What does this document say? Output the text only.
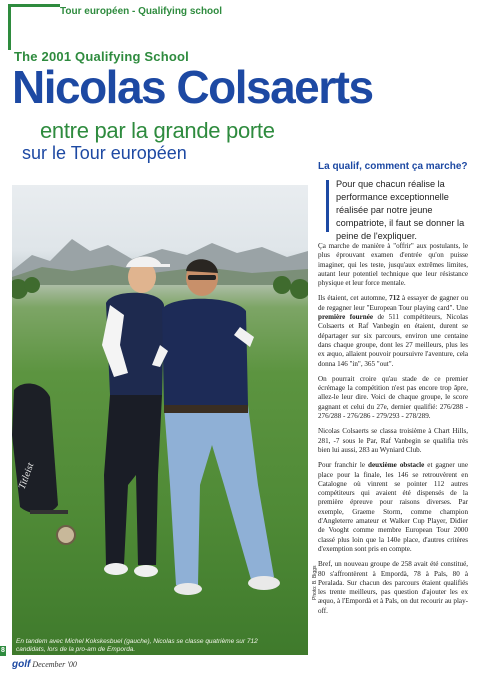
Tour européen - Qualifying school
The 2001 Qualifying School
Nicolas Colsaerts
entre par la grande porte
sur le Tour européen
Titleist
En tandem avec Michel Kokskesbuel (gauche), Nicolas se classe quatrième sur 712 candidats, lors de la pro-am de Emporda.
Photo: B. Biggs
La qualif, comment ça marche?
Pour que chacun réalise la performance exceptionnelle réalisée par notre jeune compatriote, il faut se donner la peine de l'expliquer.

Ça marche de manière à "offrir" aux postulants, le plus éprouvant examen d'entrée qu'on puisse imaginer, qui les teste, jusqu'aux extrêmes limites, autant leur potentiel technique que leur résistance physique et leur force mentale.

Ils étaient, cet automne, 712 à essayer de gagner ou de regagner leur "European Tour playing card". Une première fournée de 511 compétiteurs, Nicolas Colsaerts et Raf Vanbegin en étaient, durent se départager sur six parcours, environ une centaine dans chaque groupe, dont les 27 meilleurs, plus les ex æquo, allaient pouvoir poursuivre l'aventure, cela donna 146 "in", 365 "out".

On pourrait croire qu'au stade de ce premier écrémage la compétition n'est pas encore trop âpre, allez-le leur dire. Voici de chaque groupe, le score gagnant et celui du 27e, dernier qualifié: 276/288 - 276/288 - 276/286 - 279/293 - 278/289.

Nicolas Colsaerts se classa troisième à Chart Hills, 281, -7 sous le Par, Raf Vanbegin se qualifia très bien lui aussi, 283 au Wyniard Club.

Pour franchir le deuxième obstacle et gagner une place pour la finale, les 146 se retrouvèrent en Catalogne où vinrent se pointer 112 autres compétiteurs qui avaient été dispensés de la première épreuve pour raisons diverses. Par exemple, Graeme Storm, comme champion d'Angleterre amateur et Walker Cup Player, Didier de Vooght comme membre European Tour 2000 classé plus loin que la 140e place, d'autres critères d'exemption sont pris en compte.

Bref, un nouveau groupe de 258 avait été constitué, 80 s'affrontèrent à Empordà, 78 à Pals, 80 à Peralada. Sur chacun des parcours étaient qualifiés les trente meilleurs, pas question d'ajouter les ex æquo, à l'Empordà et à Pals, on dut recourir au play-off.

8
golf December '00
